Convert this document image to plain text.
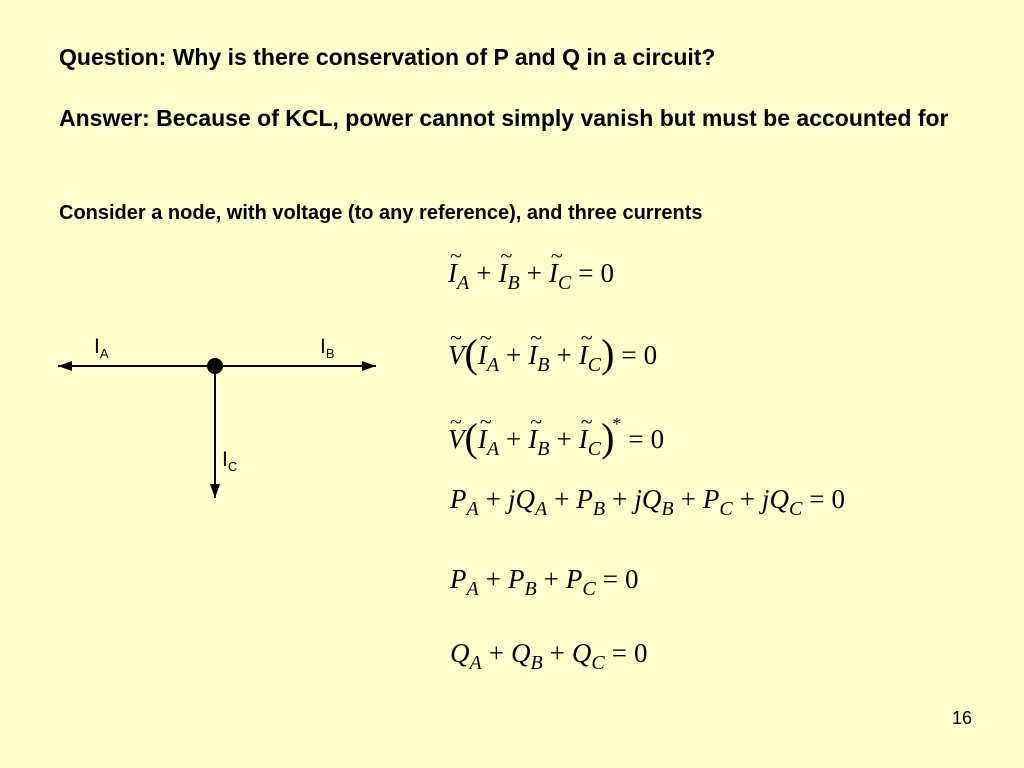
Question: Why is there conservation of P and Q in a circuit?
Answer: Because of KCL, power cannot simply vanish but must be accounted for
Consider a node, with voltage (to any reference), and three currents
$I_A$	$I_B$
$I_C$
~ $I_A$ + ~ $I_B$ + ~ $I_C = 0$
~ V(~ $I_A$ + ~ $I_B$ + ~ $I_C) = 0$
~ V(~ $I_A$ + ~ $I_B$ + ~ $I_C)^* = 0$
$P_A + jQ_A + P_B + jQ_B + P_C + jQ_C = 0$
$P_A + P_B + P_C = 0$
$Q_A + Q_B + Q_C = 0$
16
